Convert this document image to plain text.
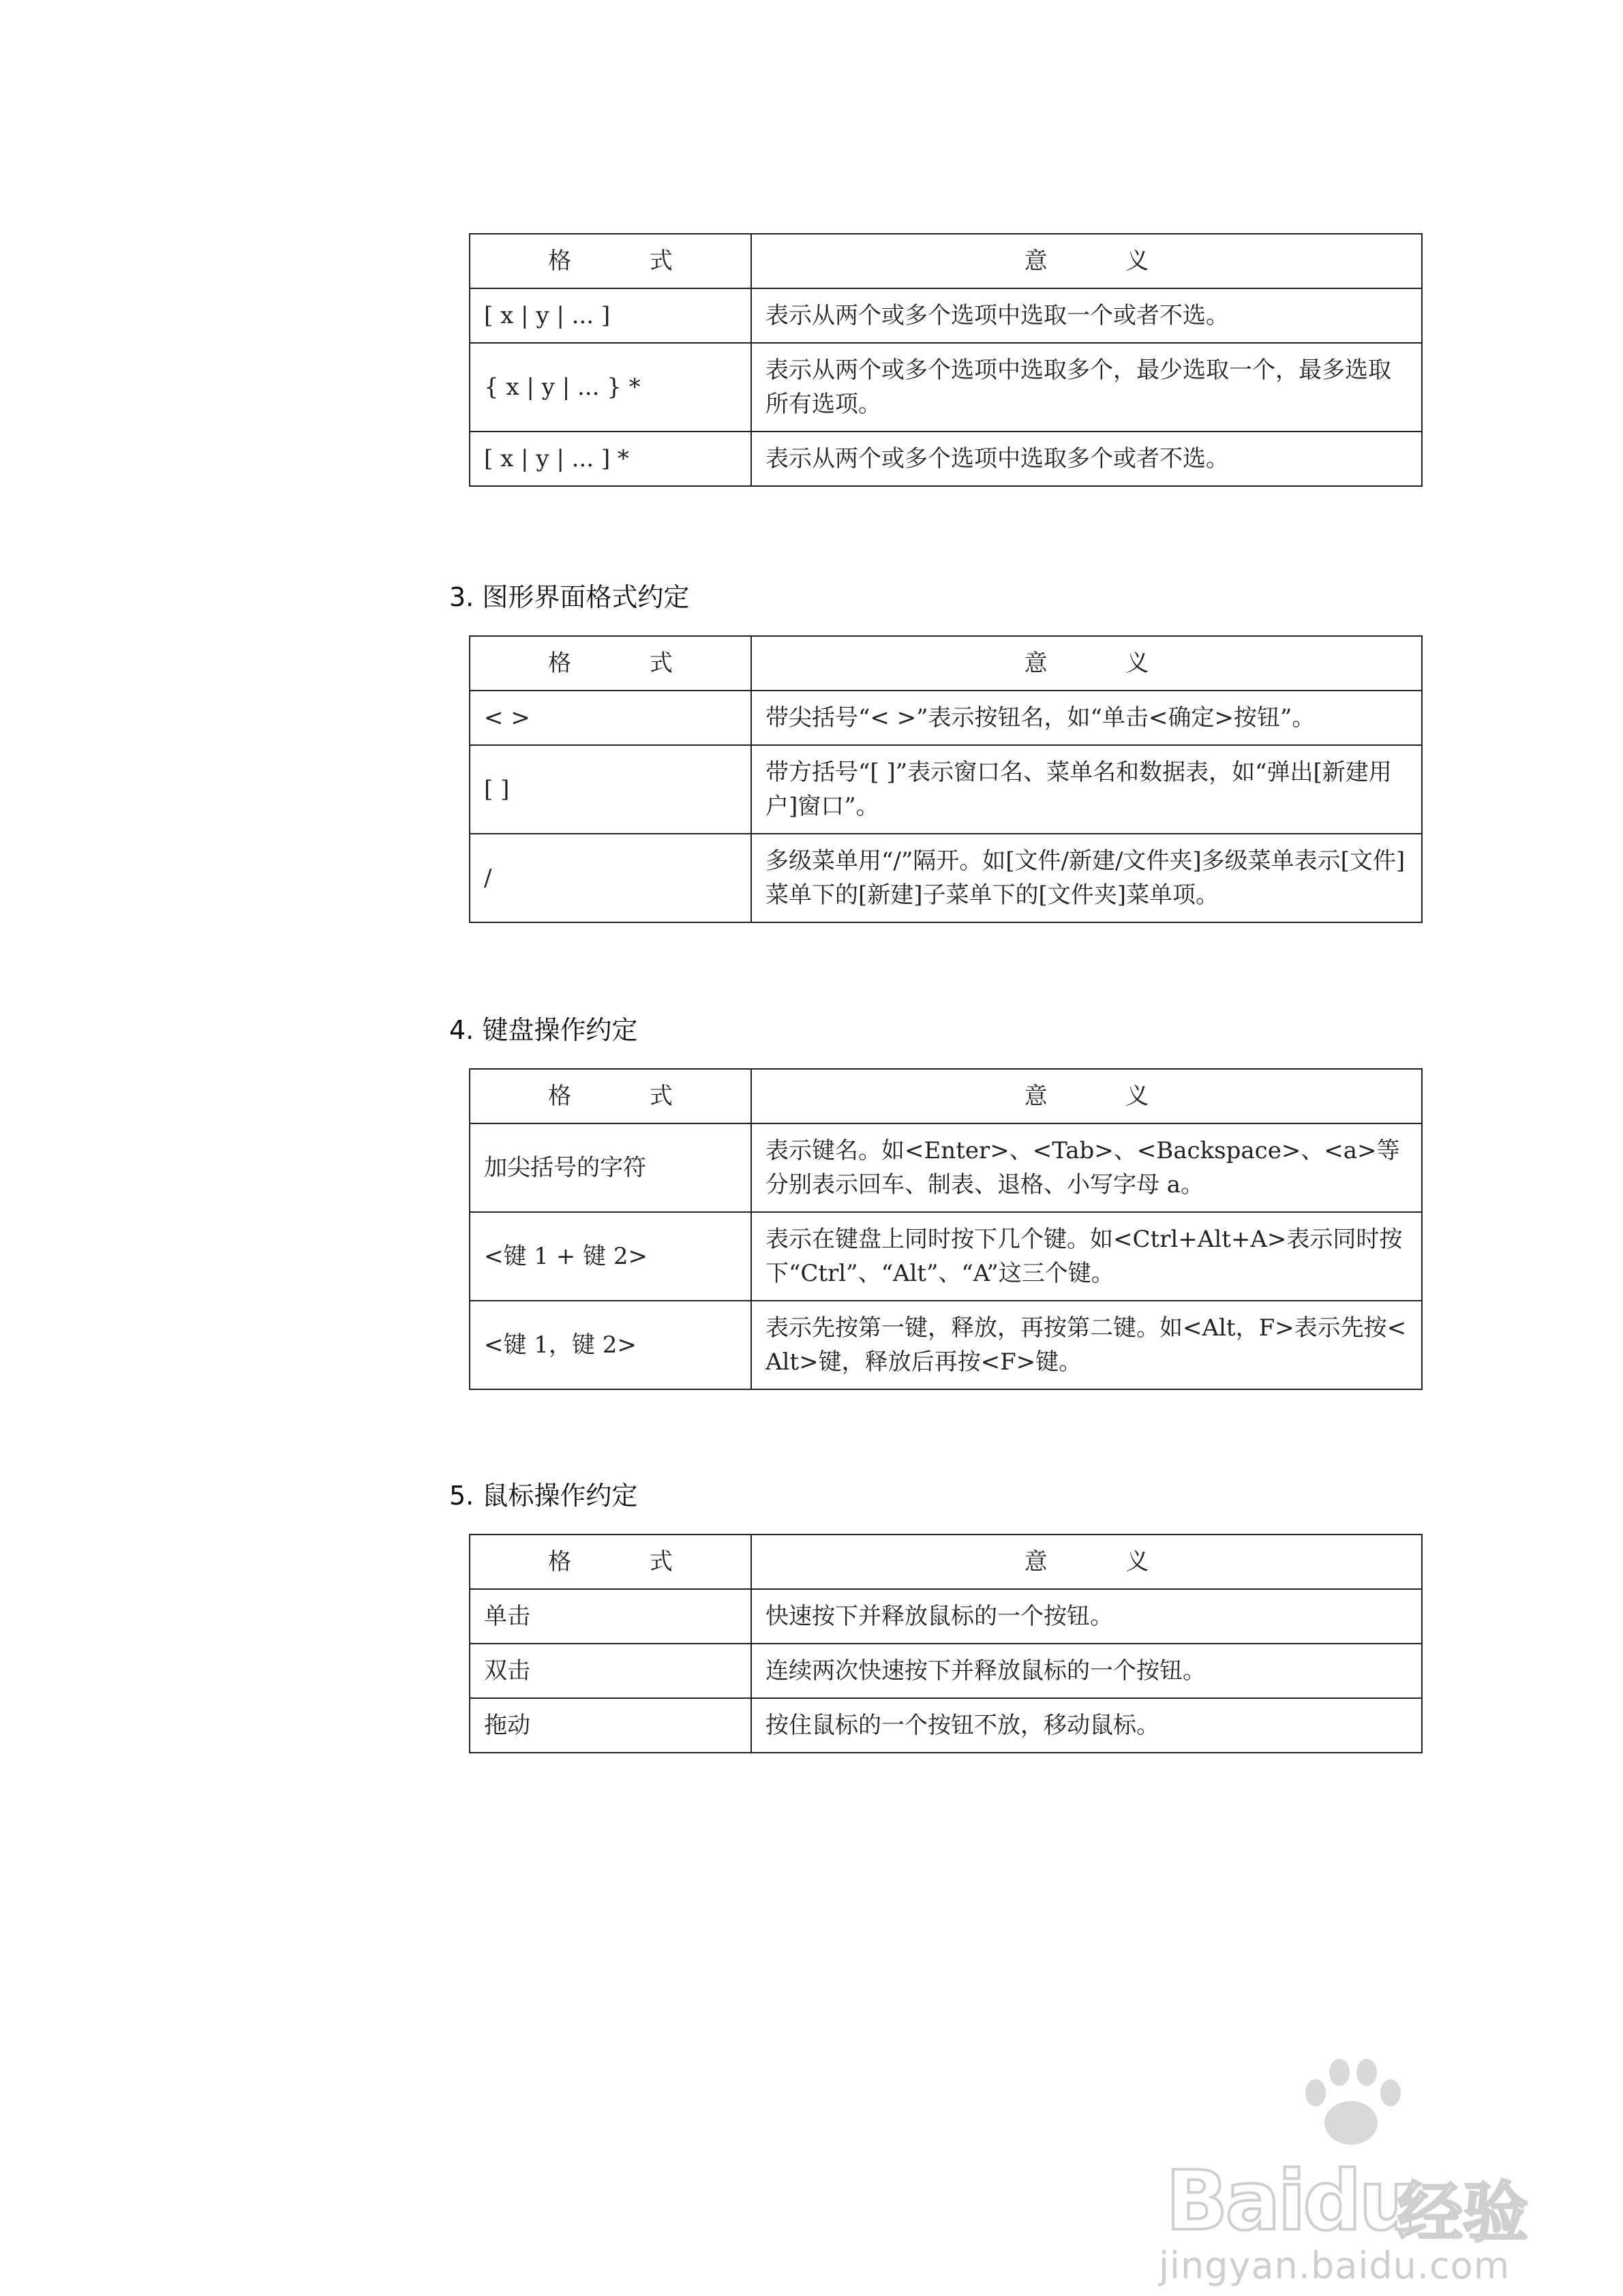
格 式	意 义
[ x | y | ... ]	表示从两个或多个选项中选取一个或者不选。
{ x | y | ... } *	表示从两个或多个选项中选取多个，最少选取一个，最多选取所有选项。
[ x | y | ... ] *	表示从两个或多个选项中选取多个或者不选。
3. 图形界面格式约定
格 式	意 义
< >	带尖括号“< >”表示按钮名，如“单击<确定>按钮”。
[ ]	带方括号“[ ]”表示窗口名、菜单名和数据表，如“弹出[新建用户]窗口”。
/	多级菜单用“/”隔开。如[文件/新建/文件夹]多级菜单表示[文件]菜单下的[新建]子菜单下的[文件夹]菜单项。
4. 键盘操作约定
格 式	意 义
加尖括号的字符	表示键名。如<Enter>、<Tab>、<Backspace>、<a>等分别表示回车、制表、退格、小写字母 a。
<键 1 + 键 2>	表示在键盘上同时按下几个键。如<Ctrl+Alt+A>表示同时按下“Ctrl”、“Alt”、“A”这三个键。
<键 1，键 2>	表示先按第一键，释放，再按第二键。如<Alt，F>表示先按<Alt>键，释放后再按<F>键。
5. 鼠标操作约定
格 式	意 义
单击	快速按下并释放鼠标的一个按钮。
双击	连续两次快速按下并释放鼠标的一个按钮。
拖动	按住鼠标的一个按钮不放，移动鼠标。
Baidu
经验
jingyan.baidu.com
